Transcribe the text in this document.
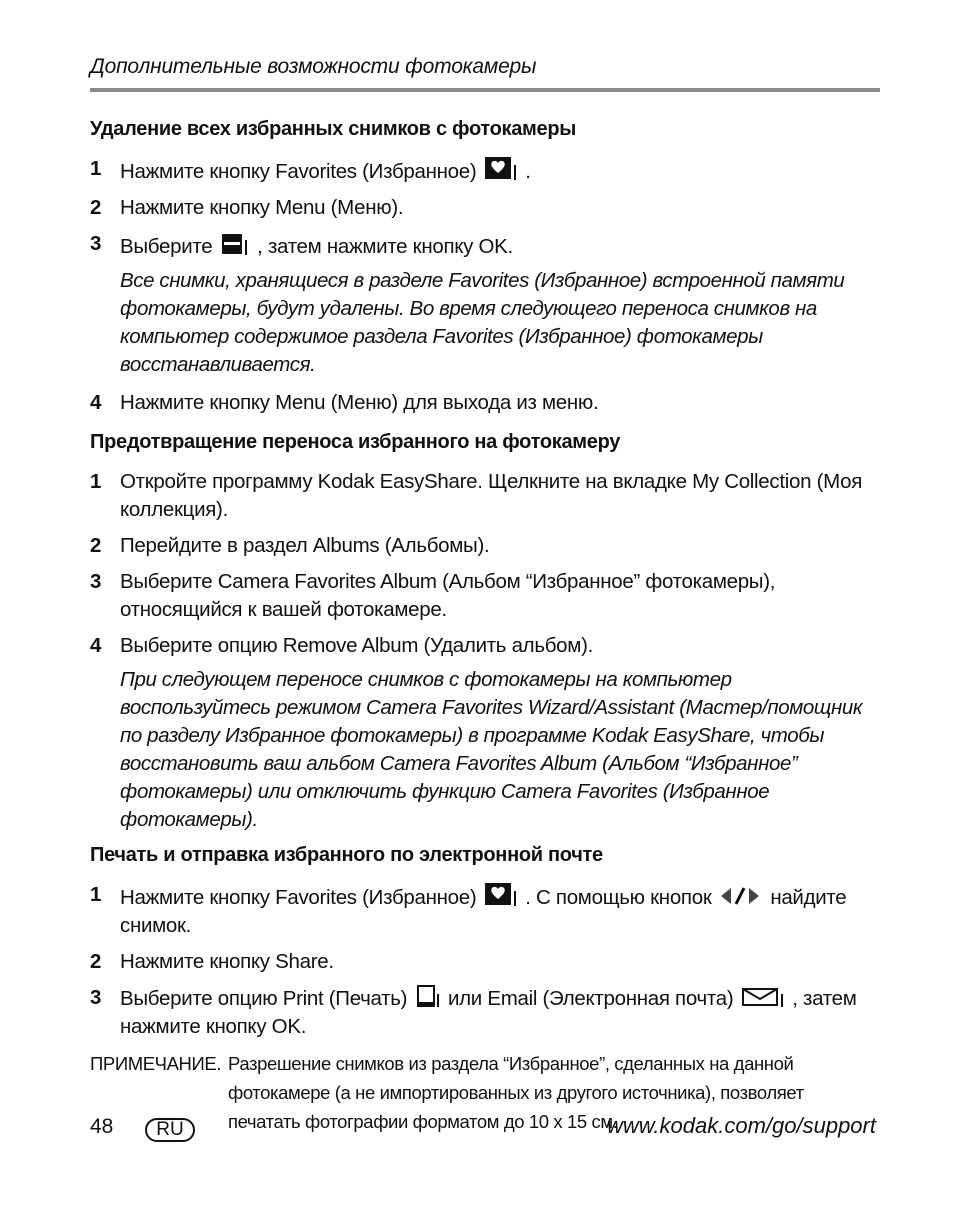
Дополнительные возможности фотокамеры
Удаление всех избранных снимков с фотокамеры
1 Нажмите кнопку Favorites (Избранное) .
2 Нажмите кнопку Menu (Меню).
3 Выберите , затем нажмите кнопку OK.
Все снимки, хранящиеся в разделе Favorites (Избранное) встроенной памяти фотокамеры, будут удалены. Во время следующего переноса снимков на компьютер содержимое раздела Favorites (Избранное) фотокамеры восстанавливается.
4 Нажмите кнопку Menu (Меню) для выхода из меню.
Предотвращение переноса избранного на фотокамеру
1 Откройте программу Kodak EasyShare. Щелкните на вкладке My Collection (Моя коллекция).
2 Перейдите в раздел Albums (Альбомы).
3 Выберите Camera Favorites Album (Альбом “Избранное” фотокамеры), относящийся к вашей фотокамере.
4 Выберите опцию Remove Album (Удалить альбом).
При следующем переносе снимков с фотокамеры на компьютер воспользуйтесь режимом Camera Favorites Wizard/Assistant (Мастер/помощник по разделу Избранное фотокамеры) в программе Kodak EasyShare, чтобы восстановить ваш альбом Camera Favorites Album (Альбом “Избранное” фотокамеры) или отключить функцию Camera Favorites (Избранное фотокамеры).
Печать и отправка избранного по электронной почте
1 Нажмите кнопку Favorites (Избранное) . С помощью кнопок	найдите снимок.
2 Нажмите кнопку Share.
3 Выберите опцию Print (Печать) или Email (Электронная почта)	, затем нажмите кнопку OK.
ПРИМЕЧАНИЕ. Разрешение снимков из раздела “Избранное”, сделанных на данной фотокамере (а не импортированных из другого источника), позволяет печатать фотографии форматом до 10 x 15 см.
48	RU	www.kodak.com/go/support
